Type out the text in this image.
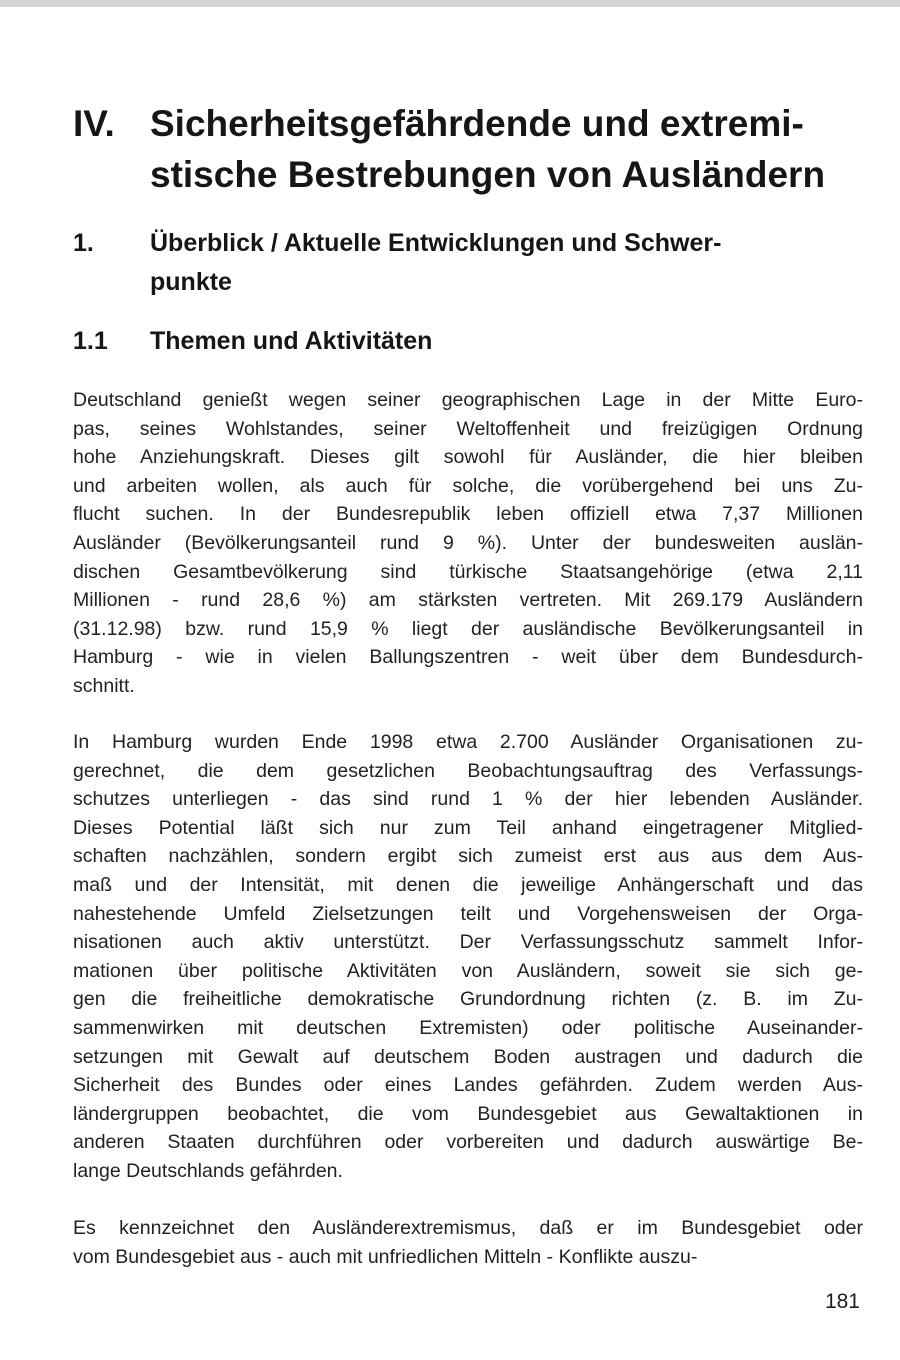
IV. Sicherheitsgefährdende und extremi-
stische Bestrebungen von Ausländern
1. Überblick / Aktuelle Entwicklungen und Schwer-
punkte
1.1 Themen und Aktivitäten

Deutschland genießt wegen seiner geographischen Lage in der Mitte Euro-
pas, seines Wohlstandes, seiner Weltoffenheit und freizügigen Ordnung
hohe Anziehungskraft. Dieses gilt sowohl für Ausländer, die hier bleiben
und arbeiten wollen, als auch für solche, die vorübergehend bei uns Zu-
flucht suchen. In der Bundesrepublik leben offiziell etwa 7,37 Millionen
Ausländer (Bevölkerungsanteil rund 9 %). Unter der bundesweiten auslän-
dischen Gesamtbevölkerung sind türkische Staatsangehörige (etwa 2,11
Millionen - rund 28,6 %) am stärksten vertreten. Mit 269.179 Ausländern
(31.12.98) bzw. rund 15,9 % liegt der ausländische Bevölkerungsanteil in
Hamburg - wie in vielen Ballungszentren - weit über dem Bundesdurch-
schnitt.

In Hamburg wurden Ende 1998 etwa 2.700 Ausländer Organisationen zu-
gerechnet, die dem gesetzlichen Beobachtungsauftrag des Verfassungs-
schutzes unterliegen - das sind rund 1 % der hier lebenden Ausländer.
Dieses Potential läßt sich nur zum Teil anhand eingetragener Mitglied-
schaften nachzählen, sondern ergibt sich zumeist erst aus aus dem Aus-
maß und der Intensität, mit denen die jeweilige Anhängerschaft und das
nahestehende Umfeld Zielsetzungen teilt und Vorgehensweisen der Orga-
nisationen auch aktiv unterstützt. Der Verfassungsschutz sammelt Infor-
mationen über politische Aktivitäten von Ausländern, soweit sie sich ge-
gen die freiheitliche demokratische Grundordnung richten (z. B. im Zu-
sammenwirken mit deutschen Extremisten) oder politische Auseinander-
setzungen mit Gewalt auf deutschem Boden austragen und dadurch die
Sicherheit des Bundes oder eines Landes gefährden. Zudem werden Aus-
ländergruppen beobachtet, die vom Bundesgebiet aus Gewaltaktionen in
anderen Staaten durchführen oder vorbereiten und dadurch auswärtige Be-
lange Deutschlands gefährden.

Es kennzeichnet den Ausländerextremismus, daß er im Bundesgebiet oder
vom Bundesgebiet aus - auch mit unfriedlichen Mitteln - Konflikte auszu-

181
